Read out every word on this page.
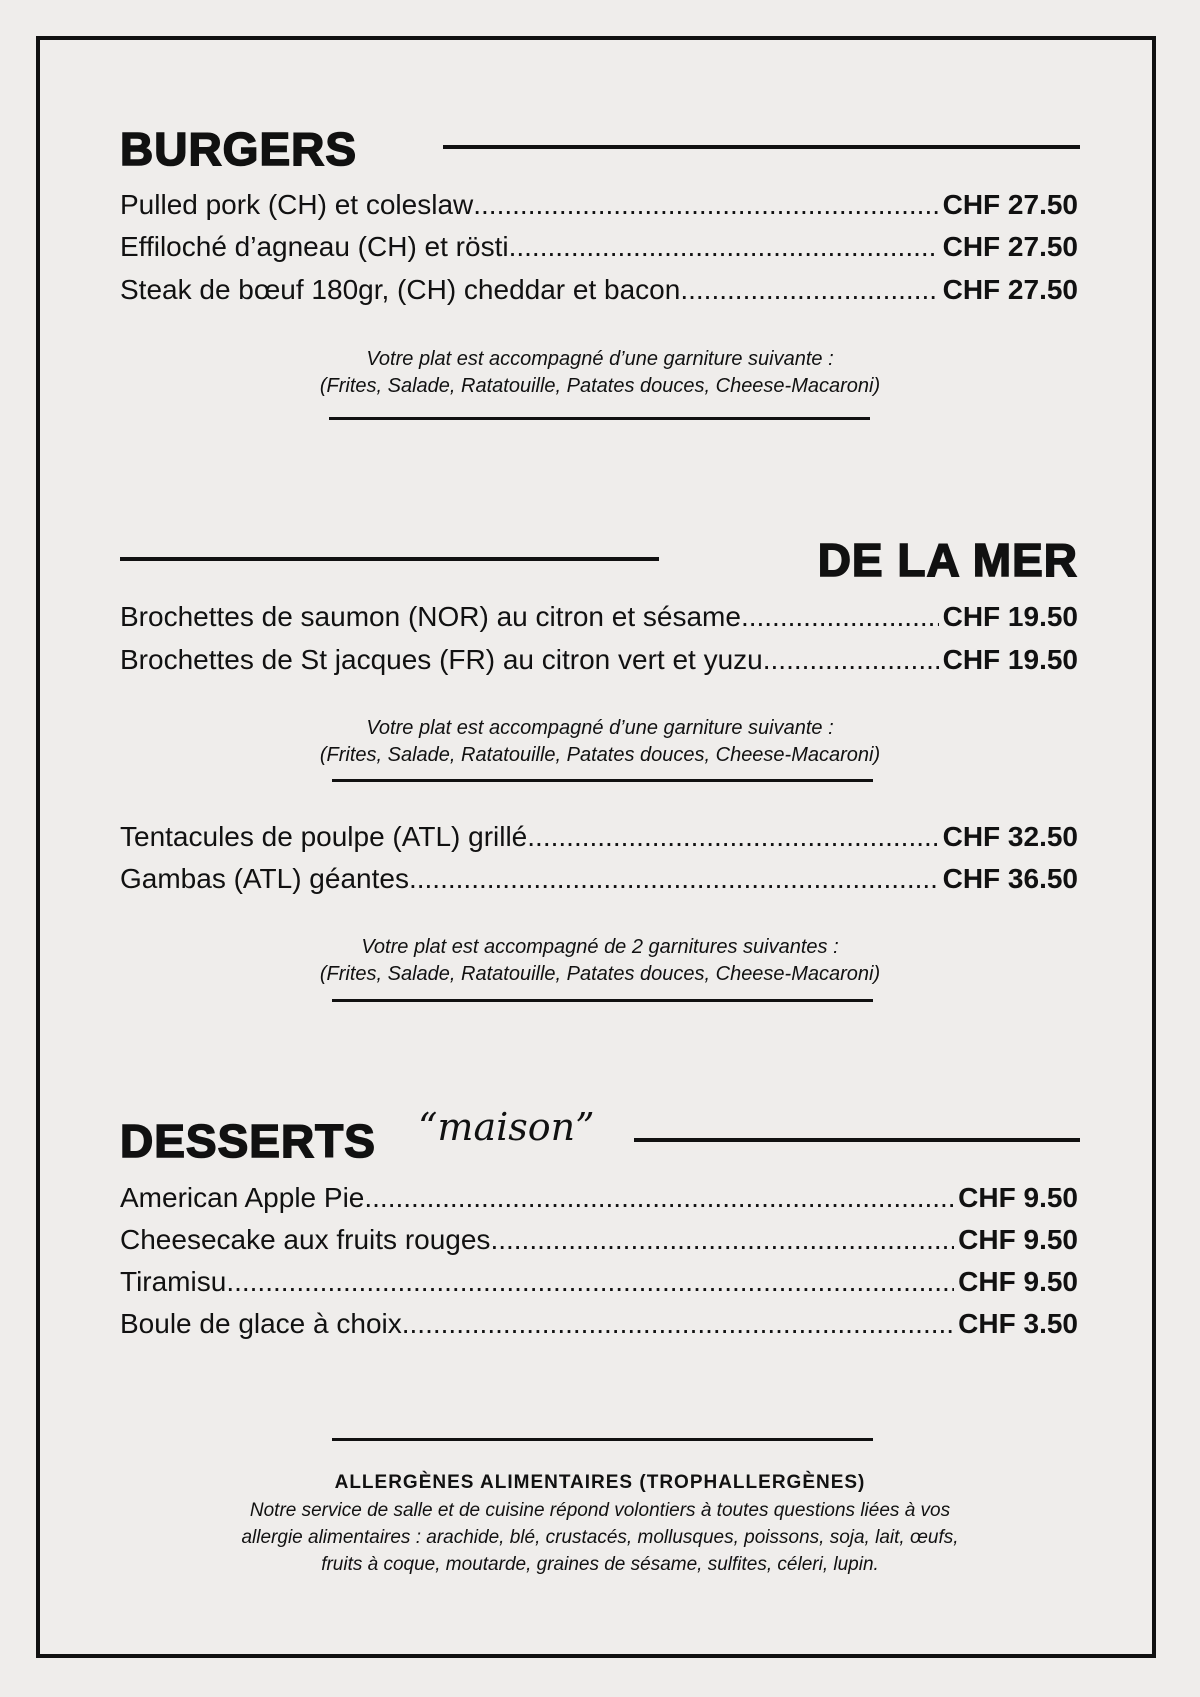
BURGERS
Pulled pork (CH) et coleslaw .....	CHF 27.50
Effiloché d’agneau (CH) et rösti .....	CHF 27.50
Steak de bœuf 180gr, (CH) cheddar et bacon .....	CHF 27.50
Votre plat est accompagné d’une garniture suivante :
(Frites, Salade, Ratatouille, Patates douces, Cheese-Macaroni)
DE LA MER
Brochettes de saumon (NOR) au citron et sésame .....	CHF 19.50
Brochettes de St jacques (FR) au citron vert et yuzu .....	CHF 19.50
Votre plat est accompagné d’une garniture suivante :
(Frites, Salade, Ratatouille, Patates douces, Cheese-Macaroni)
Tentacules de poulpe (ATL) grillé .....	CHF 32.50
Gambas (ATL) géantes .....	CHF 36.50
Votre plat est accompagné de 2 garnitures suivantes :
(Frites, Salade, Ratatouille, Patates douces, Cheese-Macaroni)
DESSERTS “maison”
American Apple Pie .....	CHF 9.50
Cheesecake aux fruits rouges .....	CHF 9.50
Tiramisu .....	CHF 9.50
Boule de glace à choix .....	CHF 3.50
ALLERGÈNES ALIMENTAIRES (TROPHALLERGÈNES)
Notre service de salle et de cuisine répond volontiers à toutes questions liées à vos
allergie alimentaires : arachide, blé, crustacés, mollusques, poissons, soja, lait, œufs,
fruits à coque, moutarde, graines de sésame, sulfites, céleri, lupin.
